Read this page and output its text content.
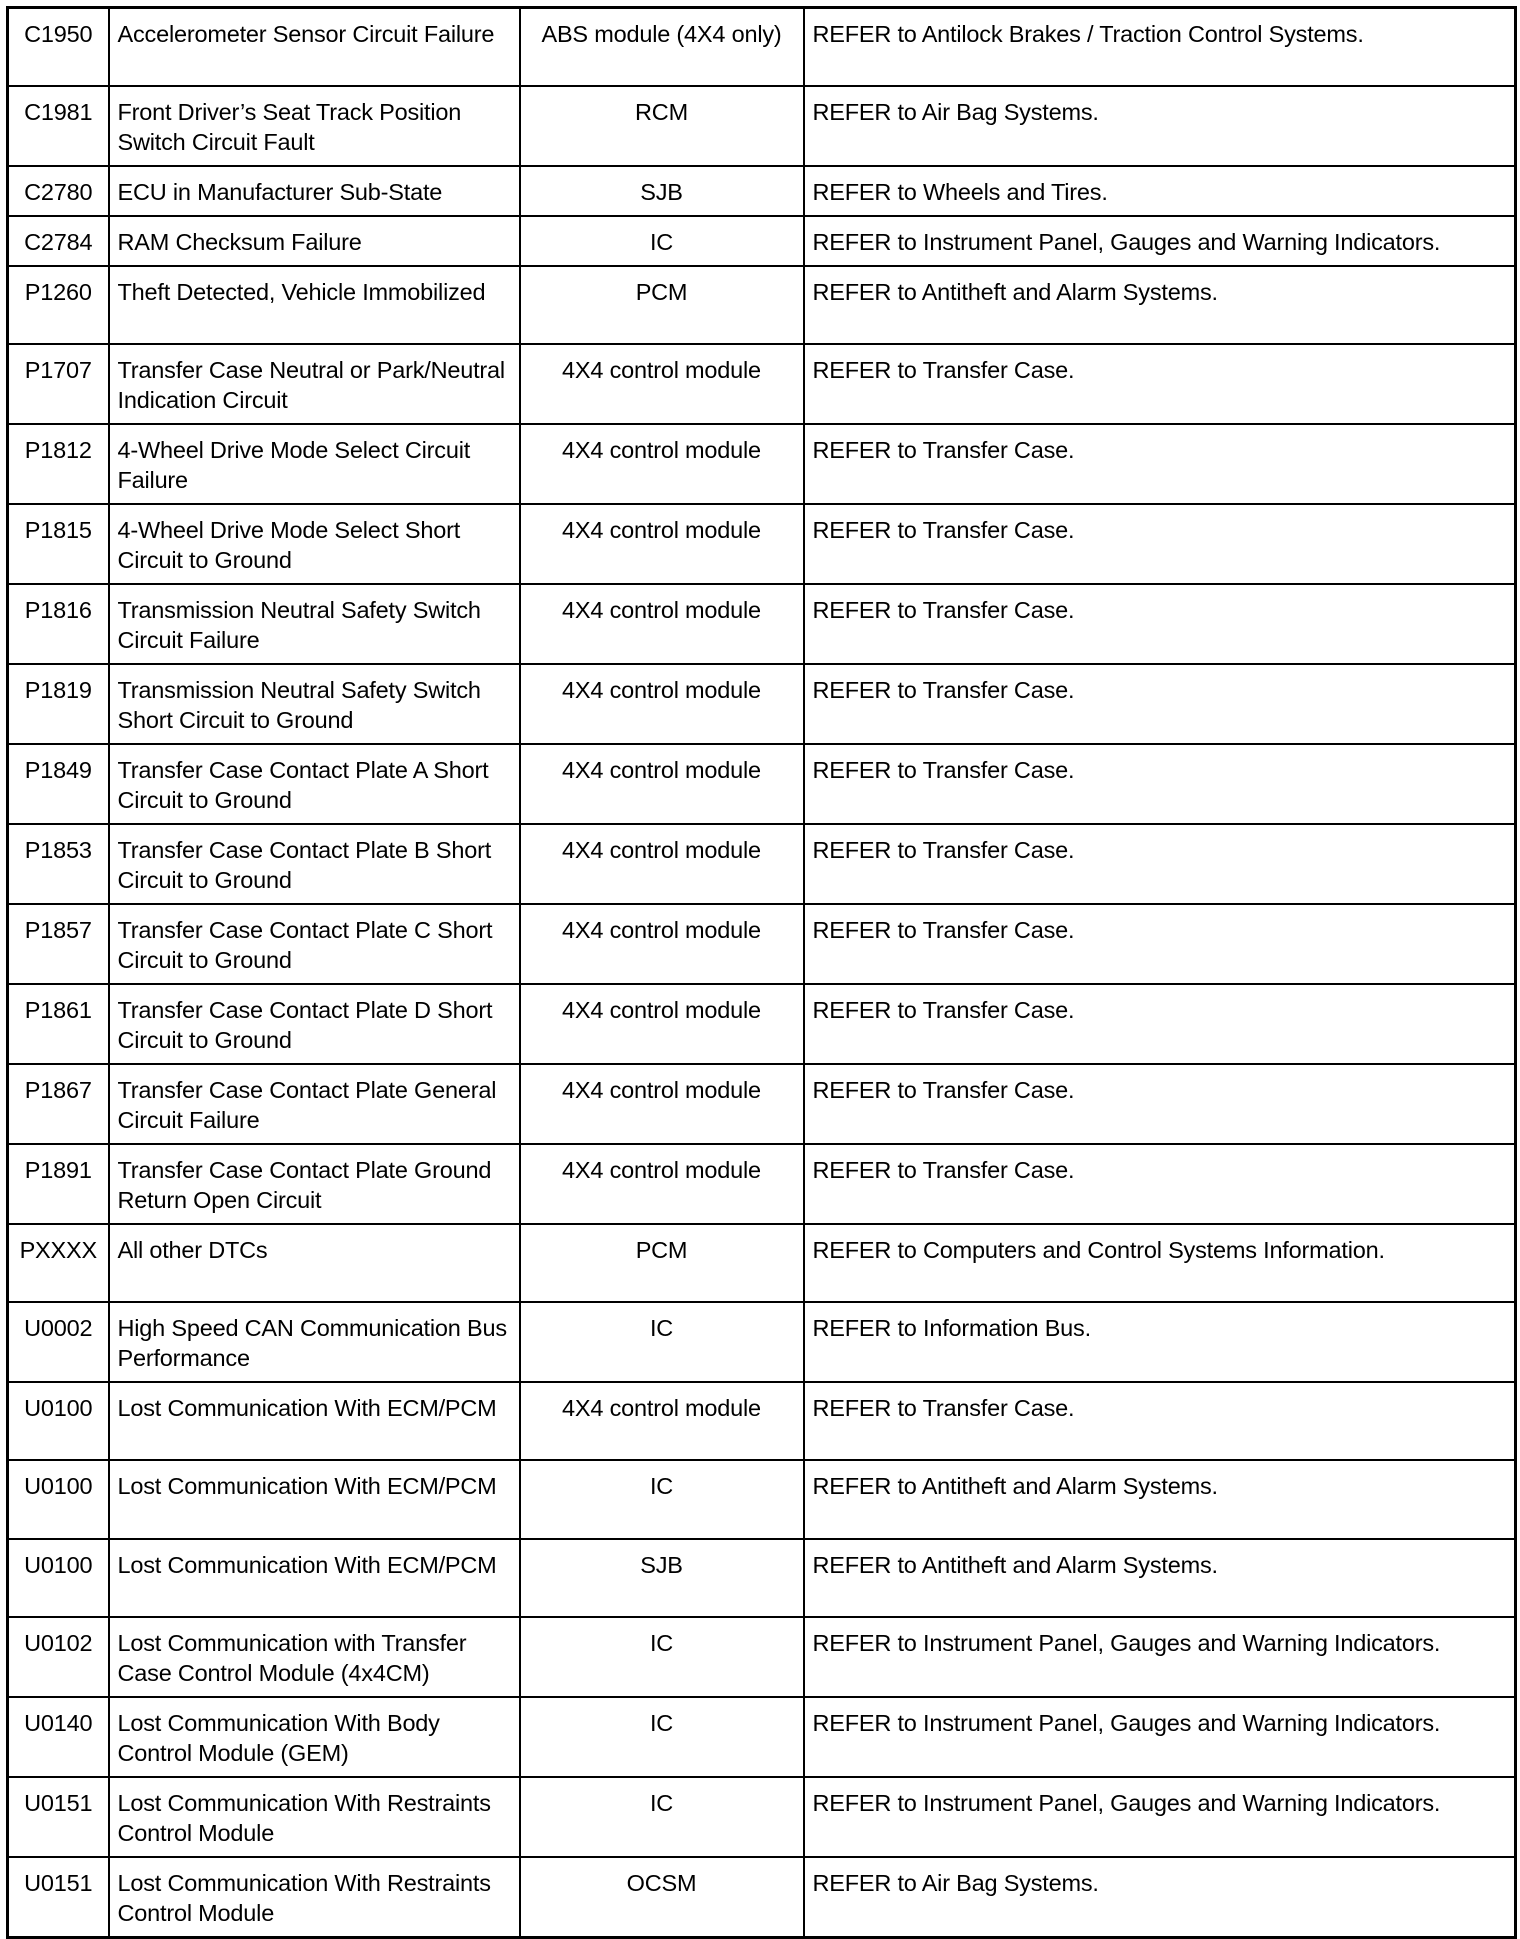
C1950	Accelerometer Sensor Circuit Failure	ABS module (4X4 only)	REFER to Antilock Brakes / Traction Control Systems.
C1981	Front Driver’s Seat Track Position Switch Circuit Fault	RCM	REFER to Air Bag Systems.
C2780	ECU in Manufacturer Sub-State	SJB	REFER to Wheels and Tires.
C2784	RAM Checksum Failure	IC	REFER to Instrument Panel, Gauges and Warning Indicators.
P1260	Theft Detected, Vehicle Immobilized	PCM	REFER to Antitheft and Alarm Systems.
P1707	Transfer Case Neutral or Park/Neutral Indication Circuit	4X4 control module	REFER to Transfer Case.
P1812	4-Wheel Drive Mode Select Circuit Failure	4X4 control module	REFER to Transfer Case.
P1815	4-Wheel Drive Mode Select Short Circuit to Ground	4X4 control module	REFER to Transfer Case.
P1816	Transmission Neutral Safety Switch Circuit Failure	4X4 control module	REFER to Transfer Case.
P1819	Transmission Neutral Safety Switch Short Circuit to Ground	4X4 control module	REFER to Transfer Case.
P1849	Transfer Case Contact Plate A Short Circuit to Ground	4X4 control module	REFER to Transfer Case.
P1853	Transfer Case Contact Plate B Short Circuit to Ground	4X4 control module	REFER to Transfer Case.
P1857	Transfer Case Contact Plate C Short Circuit to Ground	4X4 control module	REFER to Transfer Case.
P1861	Transfer Case Contact Plate D Short Circuit to Ground	4X4 control module	REFER to Transfer Case.
P1867	Transfer Case Contact Plate General Circuit Failure	4X4 control module	REFER to Transfer Case.
P1891	Transfer Case Contact Plate Ground Return Open Circuit	4X4 control module	REFER to Transfer Case.
PXXXX	All other DTCs	PCM	REFER to Computers and Control Systems Information.
U0002	High Speed CAN Communication Bus Performance	IC	REFER to Information Bus.
U0100	Lost Communication With ECM/PCM	4X4 control module	REFER to Transfer Case.
U0100	Lost Communication With ECM/PCM	IC	REFER to Antitheft and Alarm Systems.
U0100	Lost Communication With ECM/PCM	SJB	REFER to Antitheft and Alarm Systems.
U0102	Lost Communication with Transfer Case Control Module (4x4CM)	IC	REFER to Instrument Panel, Gauges and Warning Indicators.
U0140	Lost Communication With Body Control Module (GEM)	IC	REFER to Instrument Panel, Gauges and Warning Indicators.
U0151	Lost Communication With Restraints Control Module	IC	REFER to Instrument Panel, Gauges and Warning Indicators.
U0151	Lost Communication With Restraints Control Module	OCSM	REFER to Air Bag Systems.
